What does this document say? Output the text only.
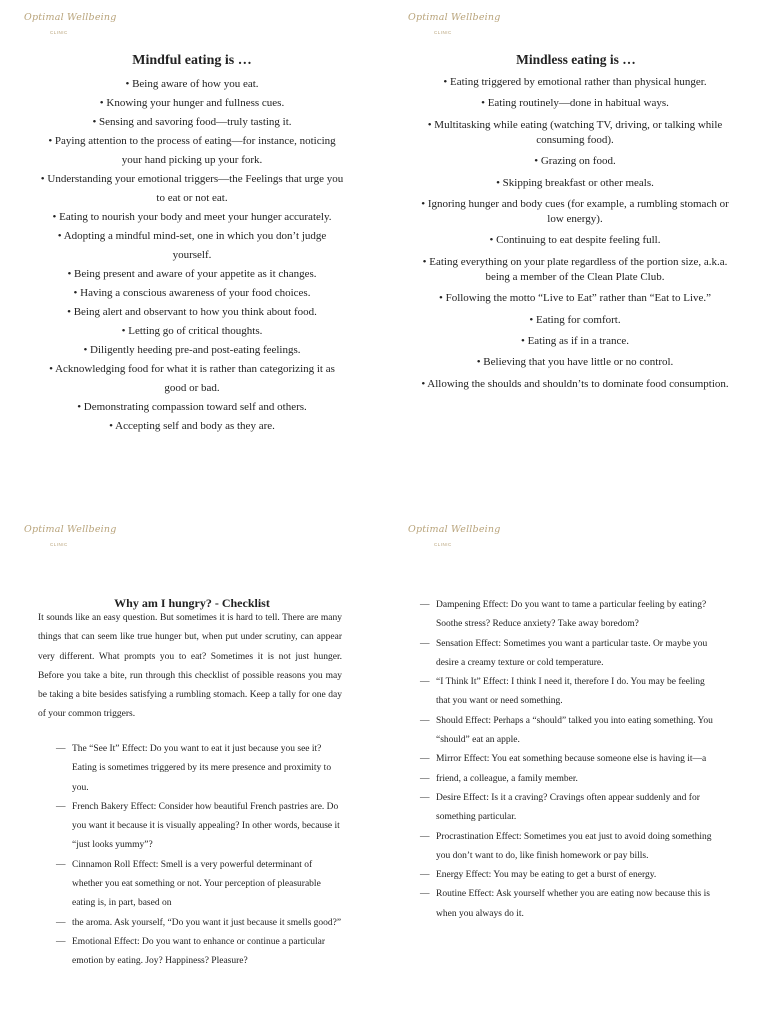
Optimal Wellbeing
CLINIC
Mindful eating is …

• Being aware of how you eat.

• Knowing your hunger and fullness cues.

• Sensing and savoring food—truly tasting it.

• Paying attention to the process of eating—for instance, noticing your hand picking up your fork.

• Understanding your emotional triggers—the Feelings that urge you to eat or not eat.

• Eating to nourish your body and meet your hunger accurately.

• Adopting a mindful mind-set, one in which you don’t judge yourself.

• Being present and aware of your appetite as it changes.

• Having a conscious awareness of your food choices.

• Being alert and observant to how you think about food.

• Letting go of critical thoughts.

• Diligently heeding pre-and post-eating feelings.

• Acknowledging food for what it is rather than categorizing it as good or bad.

• Demonstrating compassion toward self and others.

• Accepting self and body as they are.

Optimal Wellbeing
CLINIC
Mindless eating is …

• Eating triggered by emotional rather than physical hunger.

• Eating routinely—done in habitual ways.

• Multitasking while eating (watching TV, driving, or talking while consuming food).

• Grazing on food.

• Skipping breakfast or other meals.

• Ignoring hunger and body cues (for example, a rumbling stomach or low energy).

• Continuing to eat despite feeling full.

• Eating everything on your plate regardless of the portion size, a.k.a. being a member of the Clean Plate Club.

• Following the motto “Live to Eat” rather than “Eat to Live.”

• Eating for comfort.

• Eating as if in a trance.

• Believing that you have little or no control.

• Allowing the shoulds and shouldn’ts to dominate food consumption.

Optimal Wellbeing
CLINIC
Why am I hungry? - Checklist

It sounds like an easy question. But sometimes it is hard to tell. There are many things that can seem like true hunger but, when put under scrutiny, can appear very different. What prompts you to eat? Sometimes it is not just hunger. Before you take a bite, run through this checklist of possible reasons you may be taking a bite besides satisfying a rumbling stomach. Keep a tally for one day of your common triggers.

— The “See It” Effect: Do you want to eat it just because you see it? Eating is sometimes triggered by its mere presence and proximity to you.
— French Bakery Effect: Consider how beautiful French pastries are. Do you want it because it is visually appealing? In other words, because it “just looks yummy”?
— Cinnamon Roll Effect: Smell is a very powerful determinant of whether you eat something or not. Your perception of pleasurable eating is, in part, based on
— the aroma. Ask yourself, “Do you want it just because it smells good?”
— Emotional Effect: Do you want to enhance or continue a particular emotion by eating. Joy? Happiness? Pleasure?
Optimal Wellbeing
CLINIC
— Dampening Effect: Do you want to tame a particular feeling by eating? Soothe stress? Reduce anxiety? Take away boredom?
— Sensation Effect: Sometimes you want a particular taste. Or maybe you desire a creamy texture or cold temperature.
— “I Think It” Effect: I think I need it, therefore I do. You may be feeling that you want or need something.
— Should Effect: Perhaps a “should” talked you into eating something. You “should” eat an apple.
— Mirror Effect: You eat something because someone else is having it—a
— friend, a colleague, a family member.
— Desire Effect: Is it a craving? Cravings often appear suddenly and for something particular.
— Procrastination Effect: Sometimes you eat just to avoid doing something you don’t want to do, like finish homework or pay bills.
— Energy Effect: You may be eating to get a burst of energy.
— Routine Effect: Ask yourself whether you are eating now because this is when you always do it.
